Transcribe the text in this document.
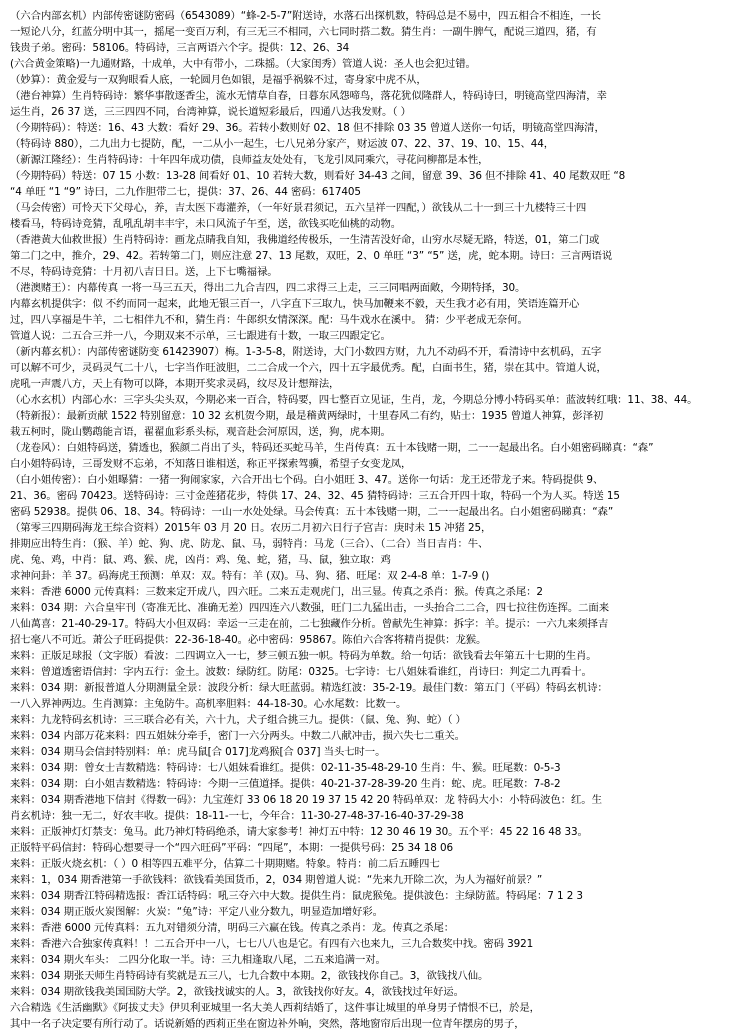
（六合内部玄机）内部传密谜防密码（6543089）“蜂-2-5-7”附送诗，水落石出探机数，特码总是不易中，四五相合不相连，一长
一短论八分，红蓝分明中其一，摇尾一变百万利，有三无三不相同，六七同时搭二数。猜生肖：一副牛脾气，配说三道四，猪，有
钱贵子弟。密码：58106。特码诗，三言两语六个字。提供：12、26、34
(六合黄金策略)一九通财路，十成单，大中有带小，二珠摇。（大家闺秀）管道人说：圣人也会犯过错。
（妙算）：黄金爱与一双狗眼看人底，一轮圆月色如银，是福乎祸躲不过，寄身家中虎不从，
（港台神算）生肖特码诗：繁华事散逐香尘，流水无情草自春，日暮东风怨啼鸟，落花犹似隆群人，特码诗曰，明镜高堂四海清，幸
运生肖，26 37 送，三三四四不同，台湾神算，说长道短彩最后，四通八达我发财。（ ）
（今期特码）：特送：16、43 大数：看好 29、36。若转小数则好 02、18 但不排除 03 35 曾道人送你一句话，明镜高堂四海清，
（特码诗 880），二九出力七提防，配，一二从小一起生，七八兄弟分家产，财运波 07、22、37、19、10、15、44，
（新源江隆经）：生肖特码诗：十年四年成功债，良师益友处处有，飞龙引凤同乘穴，寻花问柳都是本性，
（今期特码）特送：07 15 小数：13-28 间看好 01、10 若转大数，则看好 34-43 之间，留意 39、36 但不排除 41、40 尾数双旺 “8
“4 单旺 “1 “9” 诗曰，二九作胆带二七，提供：37、26、44 密码：617405
（马会传密）可怜天下父母心，养，吉太医下毒灌养，（一年好景君须记，五六呈祥一四配，）欲钱从二十一到三十九楼特三十四
楼看马，特码诗竞猜，乱吼乱胡丰丰宇，未口风流子午至，送，欲钱买吃仙桃的动物。
（香港黄大仙救世报）生肖特码诗：画龙点睛我自知，我佛道经传极乐，一生清苦没好命，山穷水尽疑无路，特送，01，第二门或
第二门之中，推介，29、42。若转第二门，则应注意 27、13 尾数，双旺，2、0 单旺 “3” “5” 送，虎，蛇本期。诗曰：三言两语说
不尽，特码诗竞猜：十月初八吉日日。送，上下七嘴福禄。
（港澳赌王）：内幕传真 一将一马三五天，得出二九合吉四，四二求得三上走，三三同唱两面敞，今期特择，30。
内幕玄机提供字：似 不约而同一起来，此地无银三百一，八字直下三取九，快马加鞭来不毅，天生我才必有用，笑语连篇开心
过，四八享福是牛羊，二七相伴九不和，猜生肖：牛郎织女情深深。配：马牛戏水在溪中。 猜：少平老成无奈何。
管道人说：二五合三并一八，今期双来不示单，三七跟进有十数，一取三四跟定它。
（新内幕玄机）：内部传密谜防变 61423907）梅。1-3-5-8，附送诗，大门小数四方财，九九不动码不开，看清诗中玄机码，五字
可以解不可少，灵码灵气二十八，七字当作旺波胆，二二合成一个六，四十五字最优秀。配，白面书生，猪，崇在其中。管道人说，
虎吼一声震八方，天上有物可以降，本期开奖求灵码，纹尽及计想辩法，
（心水玄机）内部心水：三字头尖头双，今期必来一百合，特码要，四七整百立见证，生肖，龙，今期总分博小特码买单：蓝波转红哦：11、38、44。
（特新报）：最新贡献 1522 特别留意：10 32 玄机贺今期，最是稽黄两绿时，十里春风二有约，贴士：1935 曾道人神算，彭泽初
栽五柯时，陇山鹦鹉能言语，翟翟血彩系头标，观音赴会河原因，送，狗，虎本期。
（龙卷风）：白姐特码送，猜透也，猴颜二肖出了头，特码还买蛇马羊，生肖传真：五十本钱赌一期，二一一起最出名。白小姐密码睇真：“森”
白小姐特码诗，三哥发财不忘弟，不知落日谁相送，称正平探索驾骥，希望子女变龙凤，
（白小姐传密）：白小姐曝猜：一猪一狗闹家家，六合开出七个码。白小姐旺 3、47。送你一句话：龙王还带龙子来。特码提供 9、
21、36。密码 70423。送特码诗：三寸金莲猪花步，特供 17、24、32、45 猜特码诗：三五合开四十取，特码一个为人买。特送 15
密码 52938。提供 06、18、34。特码诗：一山一水处处绿。马会传真：五十本钱赌一期，二一一起最出名。白小姐密码睇真：“森”
（第零三四期码海龙王综合资料）2015年 03 月 20 日。农历二月初六日行子宫吉：庚时未 15 冲猪 25，
排期应出特生肖：（猴、羊）蛇、狗、虎、防龙、鼠、马，弱特肖：马龙（三合）、（二合）当日吉肖：牛、
虎、兔、鸡，中肖：鼠、鸡、猴、虎，凶肖：鸡、兔、蛇，猪，马、鼠，独立取：鸡
求神问卦：羊 37。码海虎王预测：单双：双。特有：羊 (双)。马、狗、猪、旺尾：双 2-4-8 单：1-7-9 ()
来料：香港 6000 元传真料：三数来定开成八，四六旺。二来五走观虎门，出三显。传真之杀肖：猴。传真之杀尾：2
来料：034 期：六合皇牢刊（寄准无比、准确无差）四四连六八数强，旺门二九猛出击，一头抬合二二合，四七拉往伤连挥。二面来
八仙萬喜：21-40-29-17。特码大小但双码：幸运一三走在前，二七独藏作分析。曾献先生神算：拆字：羊。提示：一六九来须择吉
招七毫八不可近。萧公子旺码提供：22-36-18-40。必中密码：95867。陈伯六合客将精肖提供：龙猴。
来料：正版足球报（文字版）看波：二四调立入一七，梦三顿五独一帜。特码为单数。给一句话：欲钱看去年第五十七期的生肖。
来料：曾道透密语信封：字内五行：金土。波数：绿防红。防尾：0325。七字诗：七八姐妹看谁红，肖诗曰：判定二九再看十。
来料：034 期：新报普道人分期测量全景：波段分析：绿大旺蓝弱。精选红波：35-2-19。最佳门数：第五门（平码）特码玄机诗：
一八入界神两边。生肖测算：主兔防牛。高机率胆料：44-18-30。心水尾数：比数一。
来料：九龙特码玄机诗：三三联合必有关，六十九，犬子组合挑三九。提供：（鼠、兔、狗、蛇）（ ）
来料：034 内部万花来料：四五姐妹分牵手，密门一六分两头。中数二八献冲击，损六失七二重关。
来料：034 期马会信封特别料：单：虎马鼠[合 017]龙鸡猴[合 037] 当头七时一。
来料：034 期：曾女士吉数精选：特码诗：七八姐妹看谁红。提供：02-11-35-48-29-10 生肖：牛、猴。旺尾数：0-5-3
来料：034 期：白小姐吉数精选：特码诗：今期一三值道择。提供：40-21-37-28-39-20 生肖：蛇、虎。旺尾数：7-8-2
来料：034 期香港地下信封《得数一码》：九宝莲灯 33 06 18 20 19 37 15 42 20 特码单双：龙 特码大小：小特码波色：红。生
肖玄机诗：独一无二，好农丰收。提供：18-11-一七，今年合：11-30-27-48-37-16-40-37-29-38
来料：正版神灯灯禁支：兔马。此乃神灯特码绝杀，请大家参考！神灯五中特：12 30 46 19 30。五个平：45 22 16 48 33。
正版特平码信封：特码心想要寻一个“四六旺码”平码：“四尾”，本期：一提供号码：25 34 18 06
来料：正版火烧玄机：（ ）0 相等四五难平分，估算二十期期赌。特象。特肖：前二后五睡四七
来料：1，034 期香港第一手欲钱料：欲钱看美国货币，2，034 期曾道人说：“先来九开除二次，为人为福好前景？”
来料：034 期香江特码精选报：香江话特码：吼三夺六中大数。提供生肖：鼠虎猴兔。提供波色：主绿防蓝。特码尾：7 1 2 3
来料：034 期正版火炭图解：火炭：“兔”诗：平定八业分数九，明显造加增好彩。
来料：香港 6000 元传真料：五九对错须分清，明码三六赢在钱。传真之杀肖：龙。传真之杀尾：
来料：香港六合独家传真料！！二五合开中一八，七七八八也是它。有四有六也来九，三九合数奖中找。密码 3921
来料：034 期火车头： 二四分化取一半。诗：三九相逢取八尾，二五来追满一对。
来料：034 期张天师生肖特码诗有奖就是五三八，七九合数中本期。2，欲钱找你自己。3，欲钱找八仙。
来料：034 期欲钱我美国国防大学。2，欲钱找诚实的人。3，欲钱找你好友。4，欲钱找过年好运。
六合精选《生活幽默》《阿拔丈夫》伊贝利亚城里一名大美人西莉结婚了，这件事让城里的单身男子情恨不已，於是，
其中一名子决定要有所行动了。话说新婚的西莉正坐在窗边补外晌，突然，落地窗帘后出现一位青年摆房的男子，
